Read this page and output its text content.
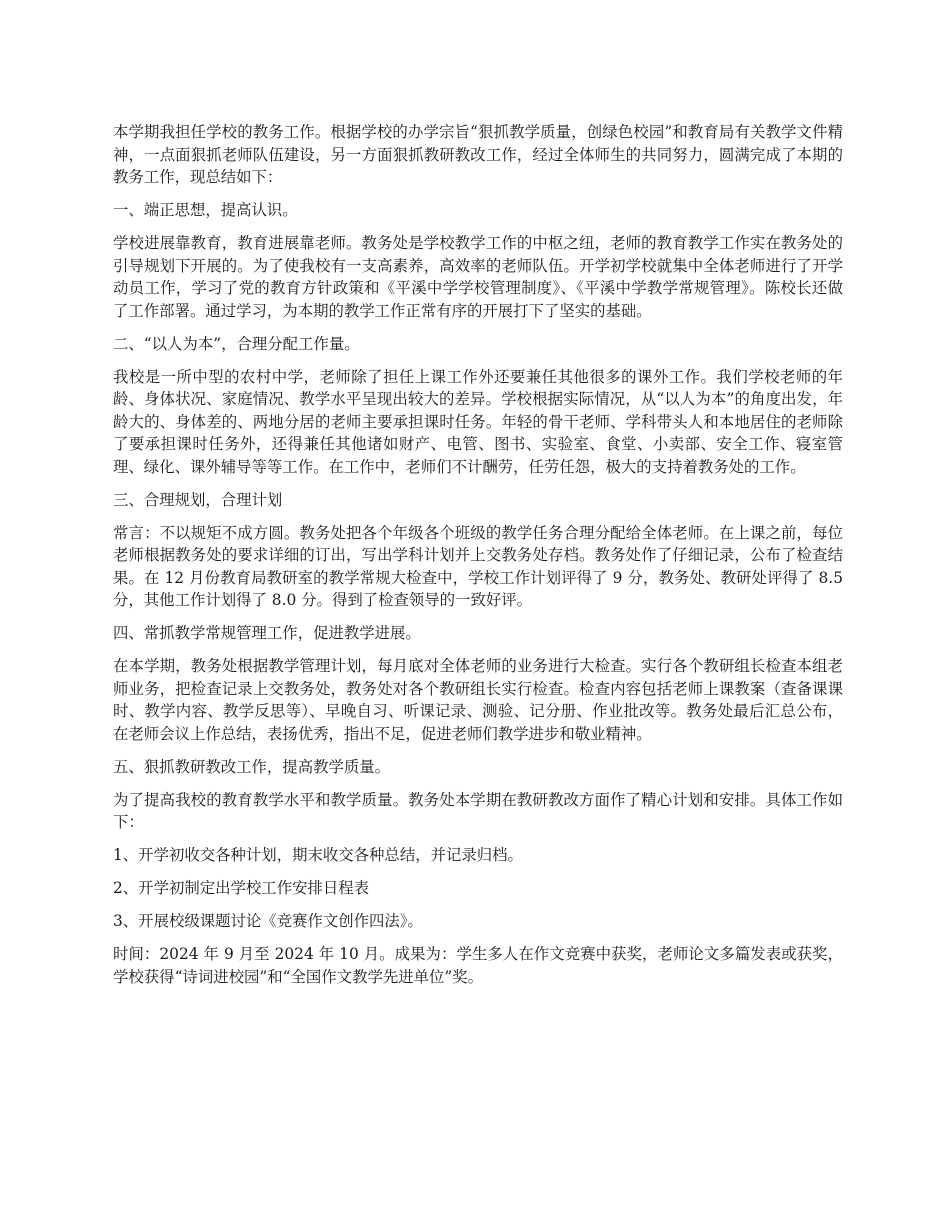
本学期我担任学校的教务工作。根据学校的办学宗旨“狠抓教学质量，创绿色校园”和教育局有关教学文件精神，一点面狠抓老师队伍建设，另一方面狠抓教研教改工作，经过全体师生的共同努力，圆满完成了本期的教务工作，现总结如下：

一、端正思想，提高认识。

学校进展靠教育，教育进展靠老师。教务处是学校教学工作的中枢之纽，老师的教育教学工作实在教务处的引导规划下开展的。为了使我校有一支高素养，高效率的老师队伍。开学初学校就集中全体老师进行了开学动员工作，学习了党的教育方针政策和《平溪中学学校管理制度》、《平溪中学教学常规管理》。陈校长还做了工作部署。通过学习，为本期的教学工作正常有序的开展打下了坚实的基础。

二、“以人为本”，合理分配工作量。

我校是一所中型的农村中学，老师除了担任上课工作外还要兼任其他很多的课外工作。我们学校老师的年龄、身体状况、家庭情况、教学水平呈现出较大的差异。学校根据实际情况，从“以人为本”的角度出发，年龄大的、身体差的、两地分居的老师主要承担课时任务。年轻的骨干老师、学科带头人和本地居住的老师除了要承担课时任务外，还得兼任其他诸如财产、电管、图书、实验室、食堂、小卖部、安全工作、寝室管理、绿化、课外辅导等等工作。在工作中，老师们不计酬劳，任劳任怨，极大的支持着教务处的工作。

三、合理规划，合理计划

常言：不以规矩不成方圆。教务处把各个年级各个班级的教学任务合理分配给全体老师。在上课之前，每位老师根据教务处的要求详细的订出，写出学科计划并上交教务处存档。教务处作了仔细记录，公布了检查结果。在 12 月份教育局教研室的教学常规大检查中，学校工作计划评得了 9 分，教务处、教研处评得了 8.5 分，其他工作计划得了 8.0 分。得到了检查领导的一致好评。

四、常抓教学常规管理工作，促进教学进展。

在本学期，教务处根据教学管理计划，每月底对全体老师的业务进行大检查。实行各个教研组长检查本组老师业务，把检查记录上交教务处，教务处对各个教研组长实行检查。检查内容包括老师上课教案（查备课课时、教学内容、教学反思等）、早晚自习、听课记录、测验、记分册、作业批改等。教务处最后汇总公布，在老师会议上作总结，表扬优秀，指出不足，促进老师们教学进步和敬业精神。

五、狠抓教研教改工作，提高教学质量。

为了提高我校的教育教学水平和教学质量。教务处本学期在教研教改方面作了精心计划和安排。具体工作如下：

1、开学初收交各种计划，期末收交各种总结，并记录归档。

2、开学初制定出学校工作安排日程表

3、开展校级课题讨论《竞赛作文创作四法》。

时间：2024 年 9 月至 2024 年 10 月。成果为：学生多人在作文竞赛中获奖，老师论文多篇发表或获奖，学校获得“诗词进校园”和“全国作文教学先进单位”奖。
